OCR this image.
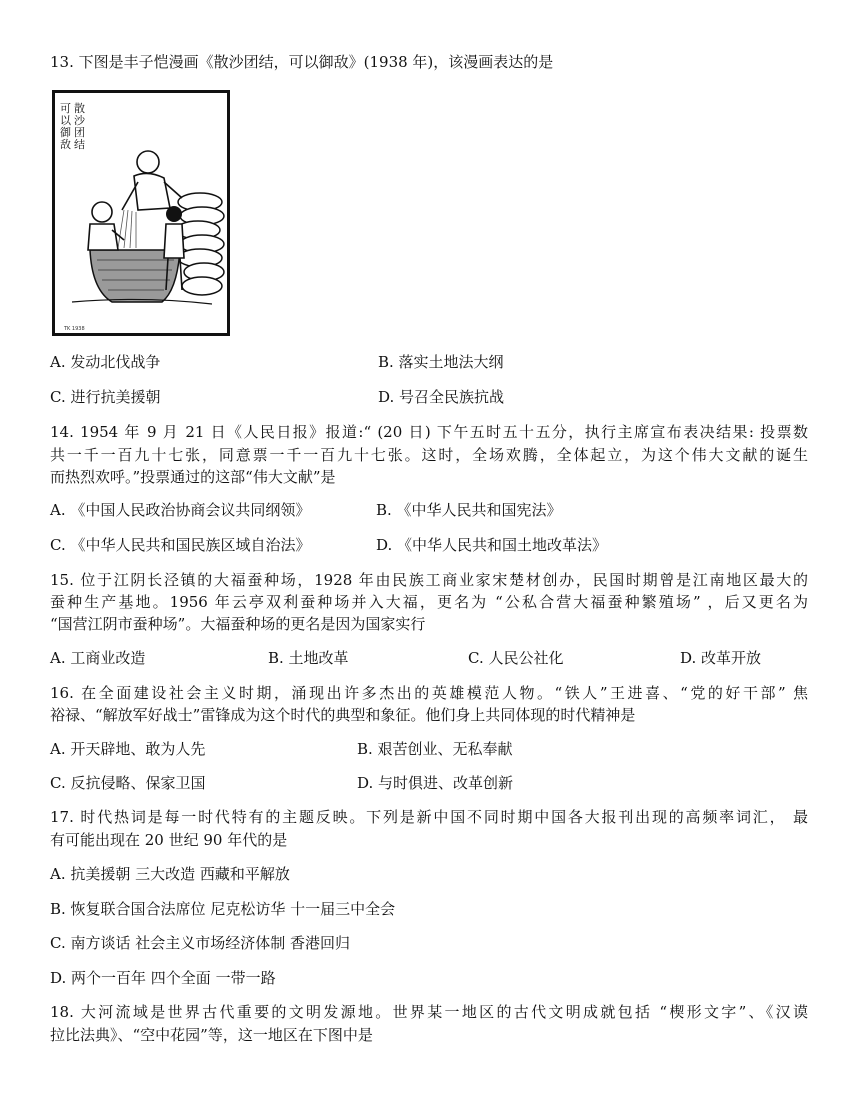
13. 下图是丰子恺漫画《散沙团结，可以御敌》(1938 年)，该漫画表达的是
散
沙
团
结
可
以
御
敌
TK 1938
A. 发动北伐战争	B. 落实土地法大纲
C. 进行抗美援朝	D. 号召全民族抗战
14. 1954 年 9 月 21 日《人民日报》报道:“ (20 日) 下午五时五十五分，执行主席宣布表决结果: 投票数
共一千一百九十七张，同意票一千一百九十七张。这时，全场欢腾，全体起立，为这个伟大文献的诞生
而热烈欢呼。”投票通过的这部“伟大文献”是
A. 《中国人民政治协商会议共同纲领》	B. 《中华人民共和国宪法》
C. 《中华人民共和国民族区域自治法》	D. 《中华人民共和国土地改革法》
15. 位于江阴长泾镇的大福蚕种场，1928 年由民族工商业家宋楚材创办，民国时期曾是江南地区最大的
蚕种生产基地。1956 年云亭双利蚕种场并入大福，更名为 “公私合营大福蚕种繁殖场” ，后又更名为
“国营江阴市蚕种场”。大福蚕种场的更名是因为国家实行
A. 工商业改造	B. 土地改革	C. 人民公社化	D. 改革开放
16. 在全面建设社会主义时期，涌现出许多杰出的英雄模范人物。“铁人”王进喜、“党的好干部” 焦
裕禄、“解放军好战士”雷锋成为这个时代的典型和象征。他们身上共同体现的时代精神是
A. 开天辟地、敢为人先	B. 艰苦创业、无私奉献
C. 反抗侵略、保家卫国	D. 与时俱进、改革创新
17. 时代热词是每一时代特有的主题反映。下列是新中国不同时期中国各大报刊出现的高频率词汇， 最
有可能出现在 20 世纪 90 年代的是
A. 抗美援朝 三大改造 西藏和平解放
B. 恢复联合国合法席位 尼克松访华 十一届三中全会
C. 南方谈话 社会主义市场经济体制 香港回归
D. 两个一百年 四个全面 一带一路
18. 大河流域是世界古代重要的文明发源地。世界某一地区的古代文明成就包括 “楔形文字”、《汉谟
拉比法典》、“空中花园”等，这一地区在下图中是
